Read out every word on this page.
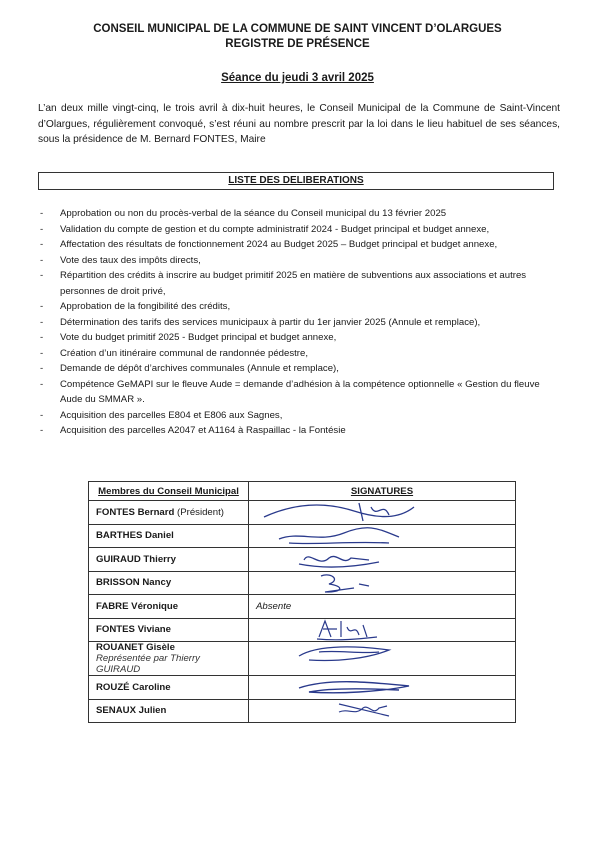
CONSEIL MUNICIPAL DE LA COMMUNE DE SAINT VINCENT D’OLARGUES
REGISTRE DE PRÉSENCE
Séance du jeudi 3 avril 2025
L’an deux mille vingt-cinq, le trois avril à dix-huit heures, le Conseil Municipal de la Commune de Saint-Vincent d’Olargues, régulièrement convoqué, s’est réuni au nombre prescrit par la loi dans le lieu habituel de ses séances, sous la présidence de M. Bernard FONTES, Maire
LISTE DES DELIBERATIONS
- Approbation ou non du procès-verbal de la séance du Conseil municipal du 13 février 2025
- Validation du compte de gestion et du compte administratif 2024 - Budget principal et budget annexe,
- Affectation des résultats de fonctionnement 2024 au Budget 2025 – Budget principal et budget annexe,
- Vote des taux des impôts directs,
- Répartition des crédits à inscrire au budget primitif 2025 en matière de subventions aux associations et autres personnes de droit privé,
- Approbation de la fongibilité des crédits,
- Détermination des tarifs des services municipaux à partir du 1er janvier 2025 (Annule et remplace),
- Vote du budget primitif 2025 - Budget principal et budget annexe,
- Création d’un itinéraire communal de randonnée pédestre,
- Demande de dépôt d’archives communales (Annule et remplace),
- Compétence GeMAPI sur le fleuve Aude = demande d’adhésion à la compétence optionnelle « Gestion du fleuve Aude du SMMAR ».
- Acquisition des parcelles E804 et E806 aux Sagnes,
- Acquisition des parcelles A2047 et A1164 à Raspaillac - la Fontésie
Membres du Conseil Municipal	SIGNATURES
FONTES Bernard (Président)	

BARTHES Daniel	

GUIRAUD Thierry	

BRISSON Nancy	

FABRE Véronique	Absente
FONTES Viviane	

ROUANET Gisèle
Représentée par Thierry GUIRAUD

ROUZÉ Caroline	

SENAUX Julien	
